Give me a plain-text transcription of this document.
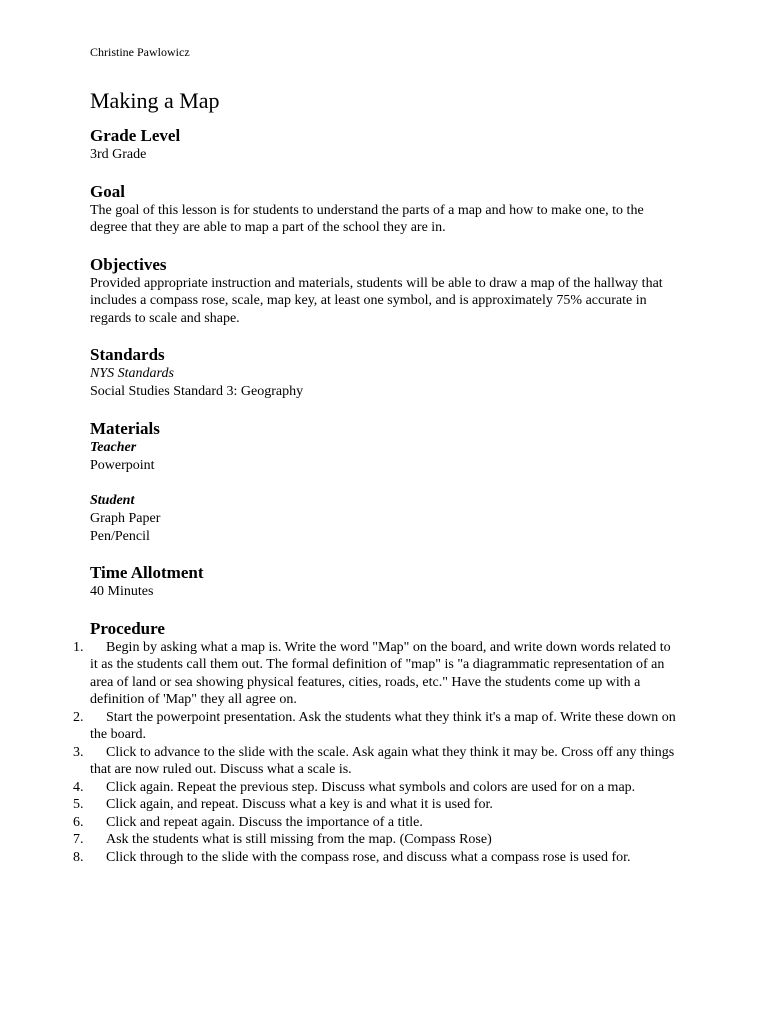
Christine Pawlowicz
Making a Map
Grade Level

3rd Grade

Goal

The goal of this lesson is for students to understand the parts of a map and how to make one, to the degree that they are able to map a part of the school they are in.

Objectives

Provided appropriate instruction and materials, students will be able to draw a map of the hallway that includes a compass rose, scale, map key, at least one symbol, and is approximately 75% accurate in regards to scale and shape.

Standards

NYS Standards

Social Studies Standard 3: Geography

Materials

Teacher

Powerpoint

Student

Graph Paper

Pen/Pencil

Time Allotment

40 Minutes

Procedure
1. Begin by asking what a map is. Write the word "Map" on the board, and write down words related to it as the students call them out. The formal definition of "map" is "a diagrammatic representation of an area of land or sea showing physical features, cities, roads, etc." Have the students come up with a definition of 'Map" they all agree on.
2. Start the powerpoint presentation. Ask the students what they think it's a map of. Write these down on the board.
3. Click to advance to the slide with the scale. Ask again what they think it may be. Cross off any things that are now ruled out. Discuss what a scale is.
4. Click again. Repeat the previous step. Discuss what symbols and colors are used for on a map.
5. Click again, and repeat. Discuss what a key is and what it is used for.
6. Click and repeat again. Discuss the importance of a title.
7. Ask the students what is still missing from the map. (Compass Rose)
8. Click through to the slide with the compass rose, and discuss what a compass rose is used for.
